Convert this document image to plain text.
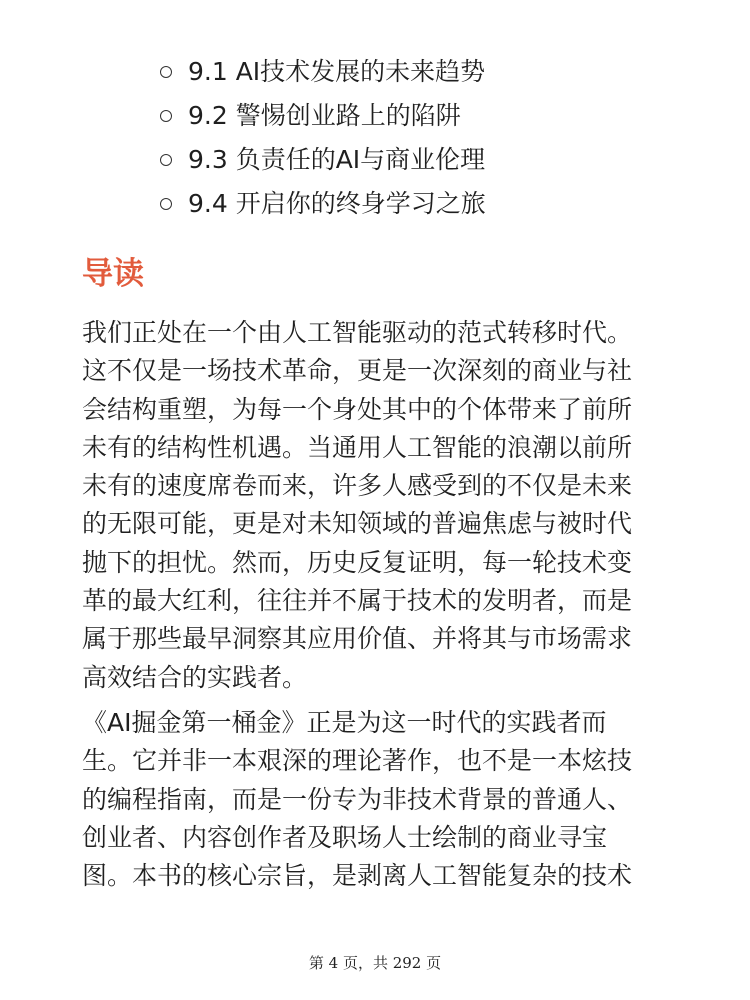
9.1 AI技术发展的未来趋势
9.2 警惕创业路上的陷阱
9.3 负责任的AI与商业伦理
9.4 开启你的终身学习之旅
导读

我们正处在一个由人工智能驱动的范式转移时代。
这不仅是一场技术革命，更是一次深刻的商业与社
会结构重塑，为每一个身处其中的个体带来了前所
未有的结构性机遇。当通用人工智能的浪潮以前所
未有的速度席卷而来，许多人感受到的不仅是未来
的无限可能，更是对未知领域的普遍焦虑与被时代
抛下的担忧。然而，历史反复证明，每一轮技术变
革的最大红利，往往并不属于技术的发明者，而是
属于那些最早洞察其应用价值、并将其与市场需求
高效结合的实践者。

《AI掘金第一桶金》正是为这一时代的实践者而
生。它并非一本艰深的理论著作，也不是一本炫技
的编程指南，而是一份专为非技术背景的普通人、
创业者、内容创作者及职场人士绘制的商业寻宝
图。本书的核心宗旨，是剥离人工智能复杂的技术

第 4 页，共 292 页
